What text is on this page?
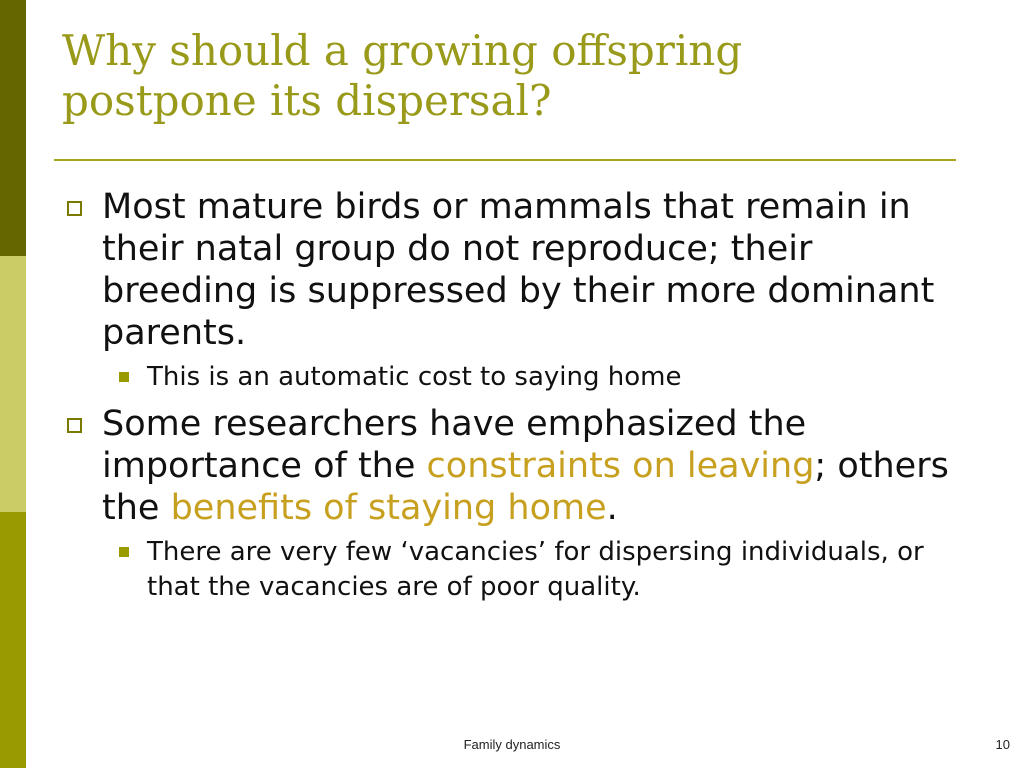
Why should a growing offspring
postpone its dispersal?
Most mature birds or mammals that remain in their natal group do not reproduce; their breeding is suppressed by their more dominant parents.
This is an automatic cost to saying home
Some researchers have emphasized the importance of the constraints on leaving; others the benefits of staying home.
There are very few ‘vacancies’ for dispersing individuals, or that the vacancies are of poor quality.
Family dynamics	10
